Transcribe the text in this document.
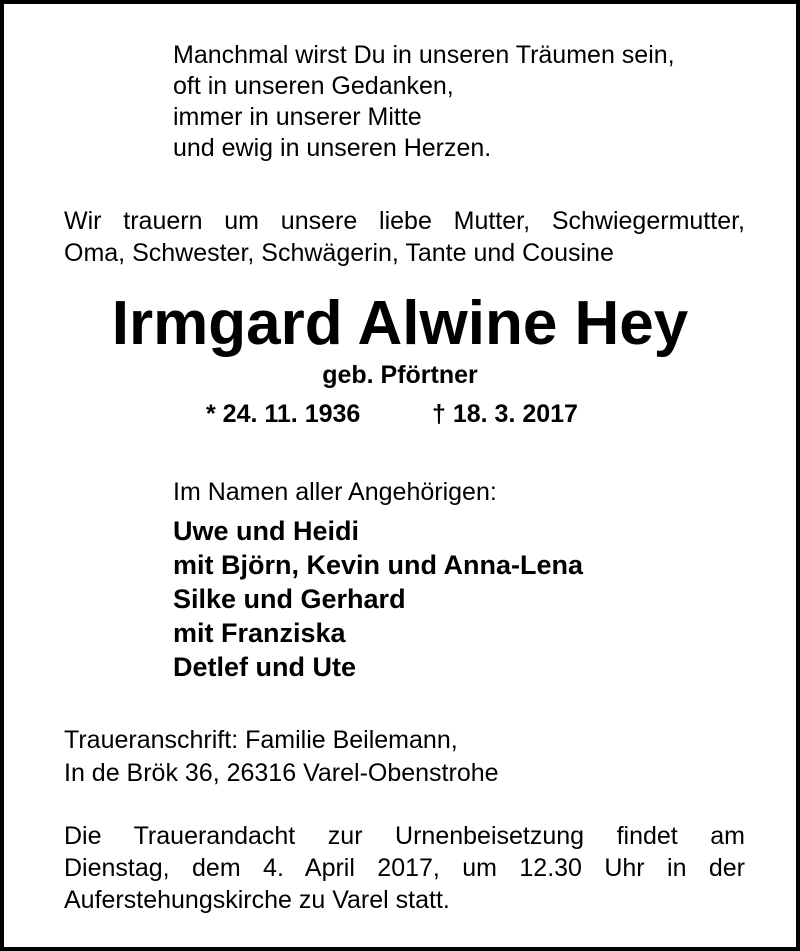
Manchmal wirst Du in unseren Träumen sein,
oft in unseren Gedanken,
immer in unserer Mitte
und ewig in unseren Herzen.
Wir trauern um unsere liebe Mutter, Schwiegermutter,
Oma, Schwester, Schwägerin, Tante und Cousine
Irmgard Alwine Hey
geb. Pförtner
* 24. 11. 1936	† 18. 3. 2017
Im Namen aller Angehörigen:
Uwe und Heidi
mit Björn, Kevin und Anna-Lena
Silke und Gerhard
mit Franziska
Detlef und Ute
Traueranschrift: Familie Beilemann,
In de Brök 36, 26316 Varel-Obenstrohe
Die Trauerandacht zur Urnenbeisetzung findet am
Dienstag, dem 4. April 2017, um 12.30 Uhr in der
Auferstehungskirche zu Varel statt.
